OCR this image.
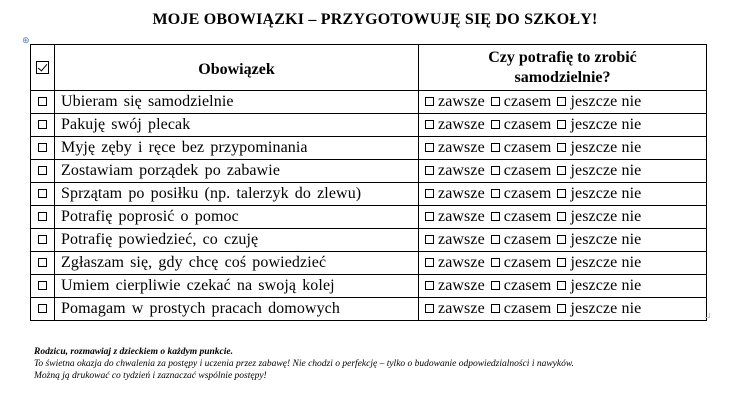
MOJE OBOWIĄZKI – PRZYGOTOWUJĘ SIĘ DO SZKOŁY!
⊕
	Obowiązek	Czy potrafię to zrobić
samodzielnie?

	Ubieram się samodzielnie	zawsze czasem jeszcze nie
	Pakuję swój plecak	zawsze czasem jeszcze nie
	Myję zęby i ręce bez przypominania	zawsze czasem jeszcze nie
	Zostawiam porządek po zabawie	zawsze czasem jeszcze nie
	Sprzątam po posiłku (np. talerzyk do zlewu)	zawsze czasem jeszcze nie
	Potrafię poprosić o pomoc	zawsze czasem jeszcze nie
	Potrafię powiedzieć, co czuję	zawsze czasem jeszcze nie
	Zgłaszam się, gdy chcę coś powiedzieć	zawsze czasem jeszcze nie
	Umiem cierpliwie czekać na swoją kolej	zawsze czasem jeszcze nie
	Pomagam w prostych pracach domowych	zawsze czasem jeszcze nie
Rodzicu, rozmawiaj z dzieckiem o każdym punkcie.
To świetna okazja do chwalenia za postępy i uczenia przez zabawę! Nie chodzi o perfekcję – tylko o budowanie odpowiedzialności i nawyków.
Możną ją drukować co tydzień i zaznaczać wspólnie postępy!
